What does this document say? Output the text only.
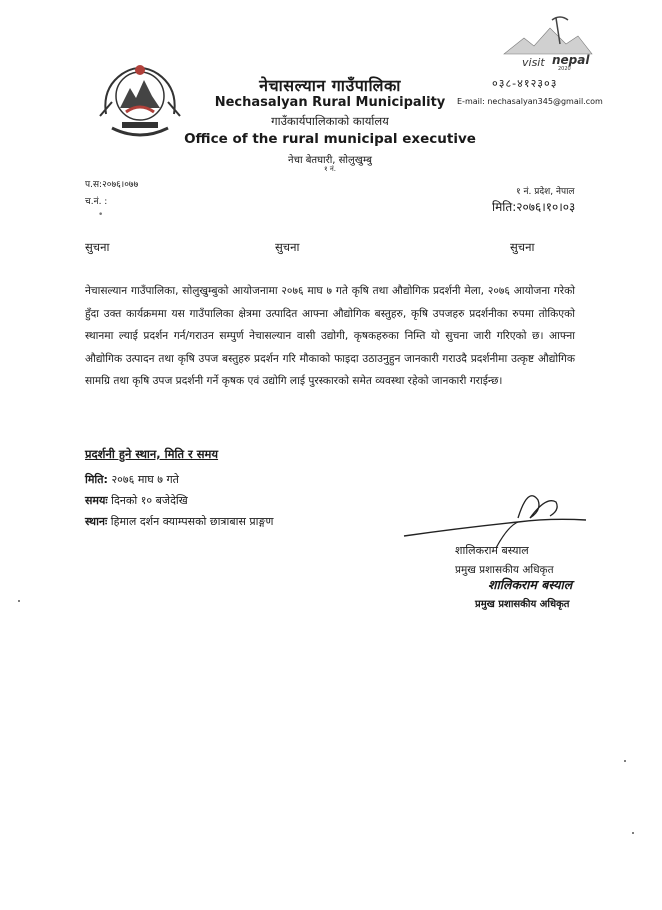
नेचासल्यान गाउँपालिका
Nechasalyan Rural Municipality
गाउँकार्यपालिकाको कार्यालय
Office of the rural municipal executive
नेचा बेतघारी, सोलुखुम्बु
१ नं.
visit nepal
2020
०३८-४१२३०३
E-mail: nechasalyan345@gmail.com
प.स:२०७६।०७७
च.नं. :
•
१ नं. प्रदेश, नेपाल
मिति:२०७६।१०।०३
सुचना	सुचना	सुचना
नेचासल्यान गाउँपालिका, सोलुखुम्बुको आयोजनामा २०७६ माघ ७ गते कृषि तथा औद्योगिक प्रदर्शनी मेला, २०७६ आयोजना गरेको हुँदा उक्त कार्यक्रममा यस गाउँपालिका क्षेत्रमा उत्पादित आफ्ना औद्योगिक बस्तुहरु, कृषि उपजहरु प्रदर्शनीका रुपमा तोकिएको स्थानमा ल्याई प्रदर्शन गर्न/गराउन सम्पुर्ण नेचासल्यान वासी उद्योगी, कृषकहरुका निम्ति यो सुचना जारी गरिएको छ। आफ्ना औद्योगिक उत्पादन तथा कृषि उपज बस्तुहरु प्रदर्शन गरि मौकाको फाइदा उठाउनुहुन जानकारी गराउदै प्रदर्शनीमा उत्कृष्ट औद्योगिक सामग्रि तथा कृषि उपज प्रदर्शनी गर्ने कृषक एवं उद्योगि लाई पुरस्कारको समेत व्यवस्था रहेको जानकारी गराईन्छ।
प्रदर्शनी हुने स्थान, मिति र समय
मिति: २०७६ माघ ७ गते
समयः दिनको १० बजेदेखि
स्थानः हिमाल दर्शन क्याम्पसको छात्राबास प्राङ्गण
शालिकराम बस्याल
प्रमुख प्रशासकीय अधिकृत
शालिकराम बस्याल
प्रमुख प्रशासकीय अधिकृत
